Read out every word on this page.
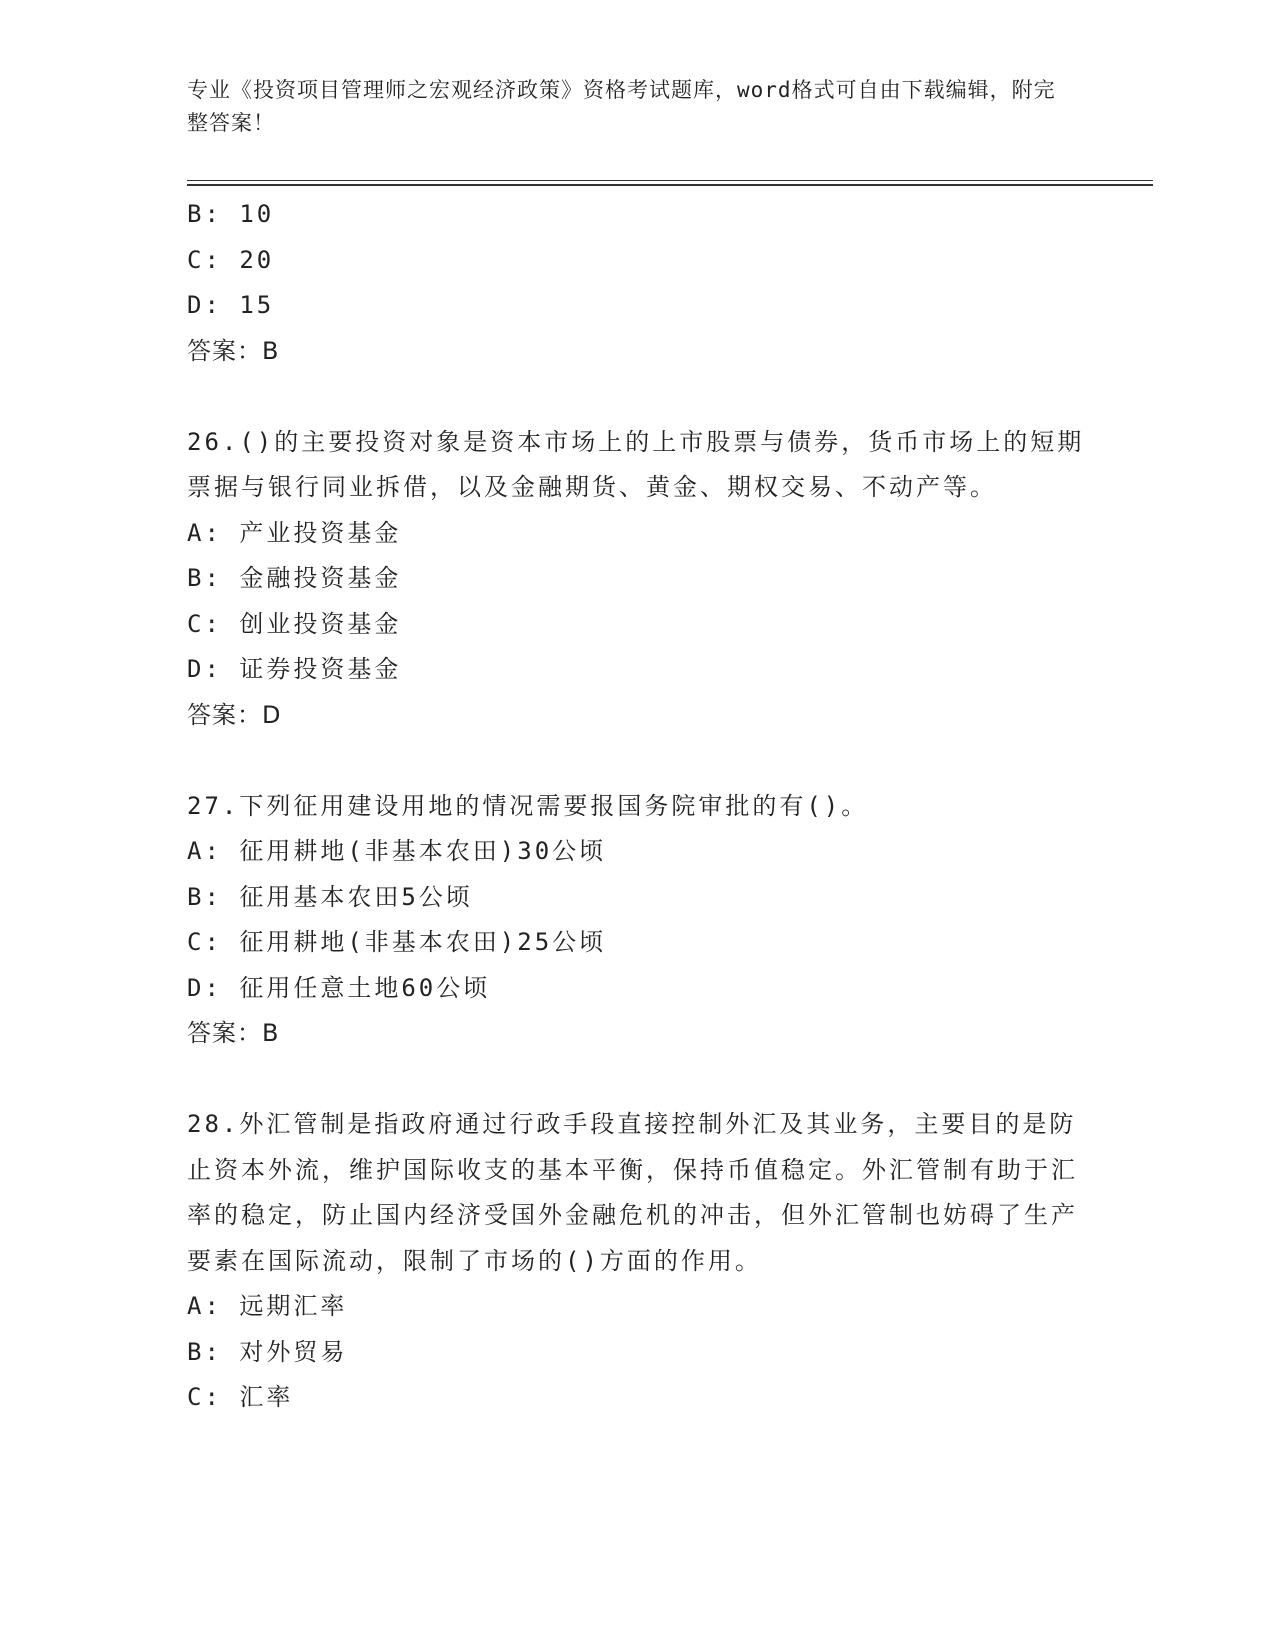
专业《投资项目管理师之宏观经济政策》资格考试题库，word格式可自由下载编辑，附完整答案！

B: 10

C: 20

D: 15

答案：B

26.()的主要投资对象是资本市场上的上市股票与债券，货币市场上的短期票据与银行同业拆借，以及金融期货、黄金、期权交易、不动产等。

A: 产业投资基金

B: 金融投资基金

C: 创业投资基金

D: 证券投资基金

答案：D

27.下列征用建设用地的情况需要报国务院审批的有()。

A: 征用耕地(非基本农田)30公顷

B: 征用基本农田5公顷

C: 征用耕地(非基本农田)25公顷

D: 征用任意土地60公顷

答案：B

28.外汇管制是指政府通过行政手段直接控制外汇及其业务，主要目的是防止资本外流，维护国际收支的基本平衡，保持币值稳定。外汇管制有助于汇率的稳定，防止国内经济受国外金融危机的冲击，但外汇管制也妨碍了生产要素在国际流动，限制了市场的()方面的作用。

A: 远期汇率

B: 对外贸易

C: 汇率
